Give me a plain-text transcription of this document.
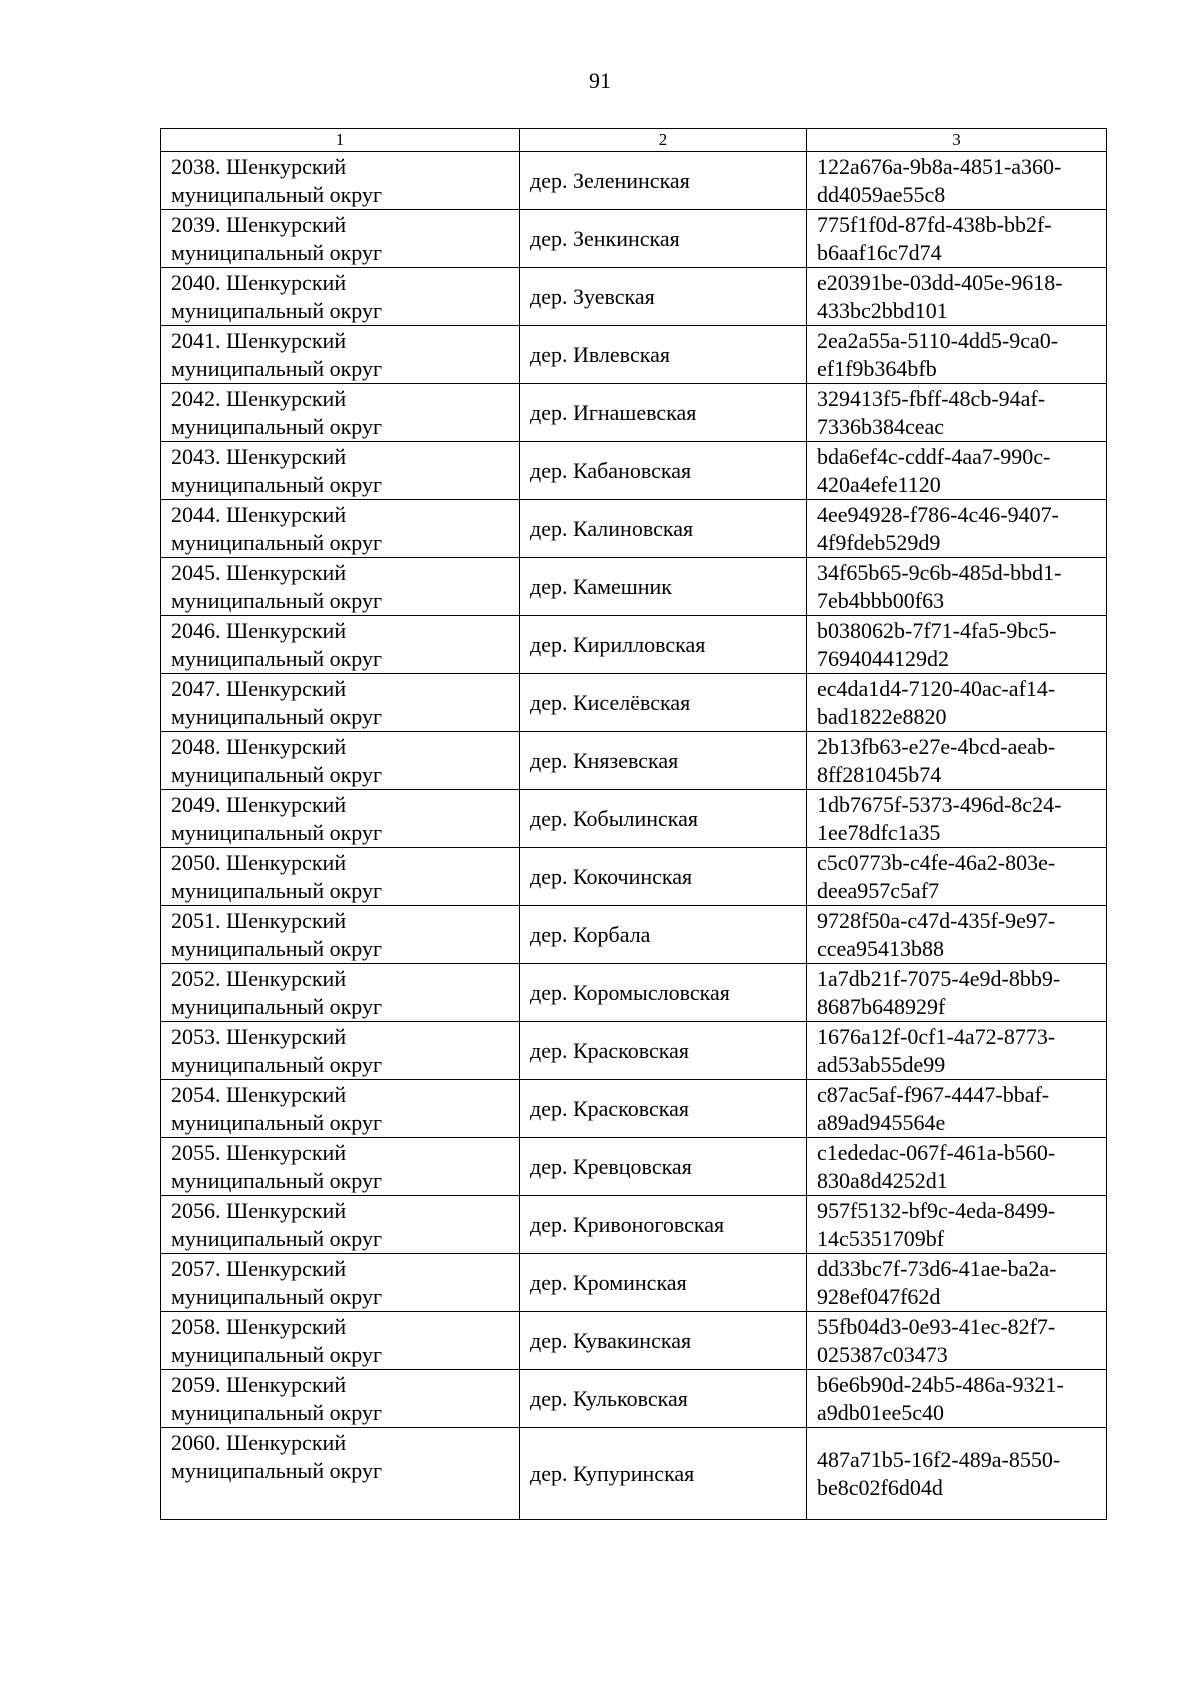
91
1	2	3

2038. Шенкурский
муниципальный округ	дер. Зеленинская	122a676a-9b8a-4851-a360-
dd4059ae55c8

2039. Шенкурский
муниципальный округ	дер. Зенкинская	775f1f0d-87fd-438b-bb2f-
b6aaf16c7d74

2040. Шенкурский
муниципальный округ	дер. Зуевская	e20391be-03dd-405e-9618-
433bc2bbd101

2041. Шенкурский
муниципальный округ	дер. Ивлевская	2ea2a55a-5110-4dd5-9ca0-
ef1f9b364bfb

2042. Шенкурский
муниципальный округ	дер. Игнашевская	329413f5-fbff-48cb-94af-
7336b384ceac

2043. Шенкурский
муниципальный округ	дер. Кабановская	bda6ef4c-cddf-4aa7-990c-
420a4efe1120

2044. Шенкурский
муниципальный округ	дер. Калиновская	4ee94928-f786-4c46-9407-
4f9fdeb529d9

2045. Шенкурский
муниципальный округ	дер. Камешник	34f65b65-9c6b-485d-bbd1-
7eb4bbb00f63

2046. Шенкурский
муниципальный округ	дер. Кирилловская	b038062b-7f71-4fa5-9bc5-
7694044129d2

2047. Шенкурский
муниципальный округ	дер. Киселёвская	ec4da1d4-7120-40ac-af14-
bad1822e8820

2048. Шенкурский
муниципальный округ	дер. Князевская	2b13fb63-e27e-4bcd-aeab-
8ff281045b74

2049. Шенкурский
муниципальный округ	дер. Кобылинская	1db7675f-5373-496d-8c24-
1ee78dfc1a35

2050. Шенкурский
муниципальный округ	дер. Кокочинская	c5c0773b-c4fe-46a2-803e-
deea957c5af7

2051. Шенкурский
муниципальный округ	дер. Корбала	9728f50a-c47d-435f-9e97-
ccea95413b88

2052. Шенкурский
муниципальный округ	дер. Коромысловская	1a7db21f-7075-4e9d-8bb9-
8687b648929f

2053. Шенкурский
муниципальный округ	дер. Красковская	1676a12f-0cf1-4a72-8773-
ad53ab55de99

2054. Шенкурский
муниципальный округ	дер. Красковская	c87ac5af-f967-4447-bbaf-
a89ad945564e

2055. Шенкурский
муниципальный округ	дер. Кревцовская	c1ededac-067f-461a-b560-
830a8d4252d1

2056. Шенкурский
муниципальный округ	дер. Кривоноговская	957f5132-bf9c-4eda-8499-
14c5351709bf

2057. Шенкурский
муниципальный округ	дер. Кроминская	dd33bc7f-73d6-41ae-ba2a-
928ef047f62d

2058. Шенкурский
муниципальный округ	дер. Кувакинская	55fb04d3-0e93-41ec-82f7-
025387c03473

2059. Шенкурский
муниципальный округ	дер. Кульковская	b6e6b90d-24b5-486a-9321-
a9db01ee5c40

2060. Шенкурский
муниципальный округ	дер. Купуринская	487a71b5-16f2-489a-8550-
be8c02f6d04d
